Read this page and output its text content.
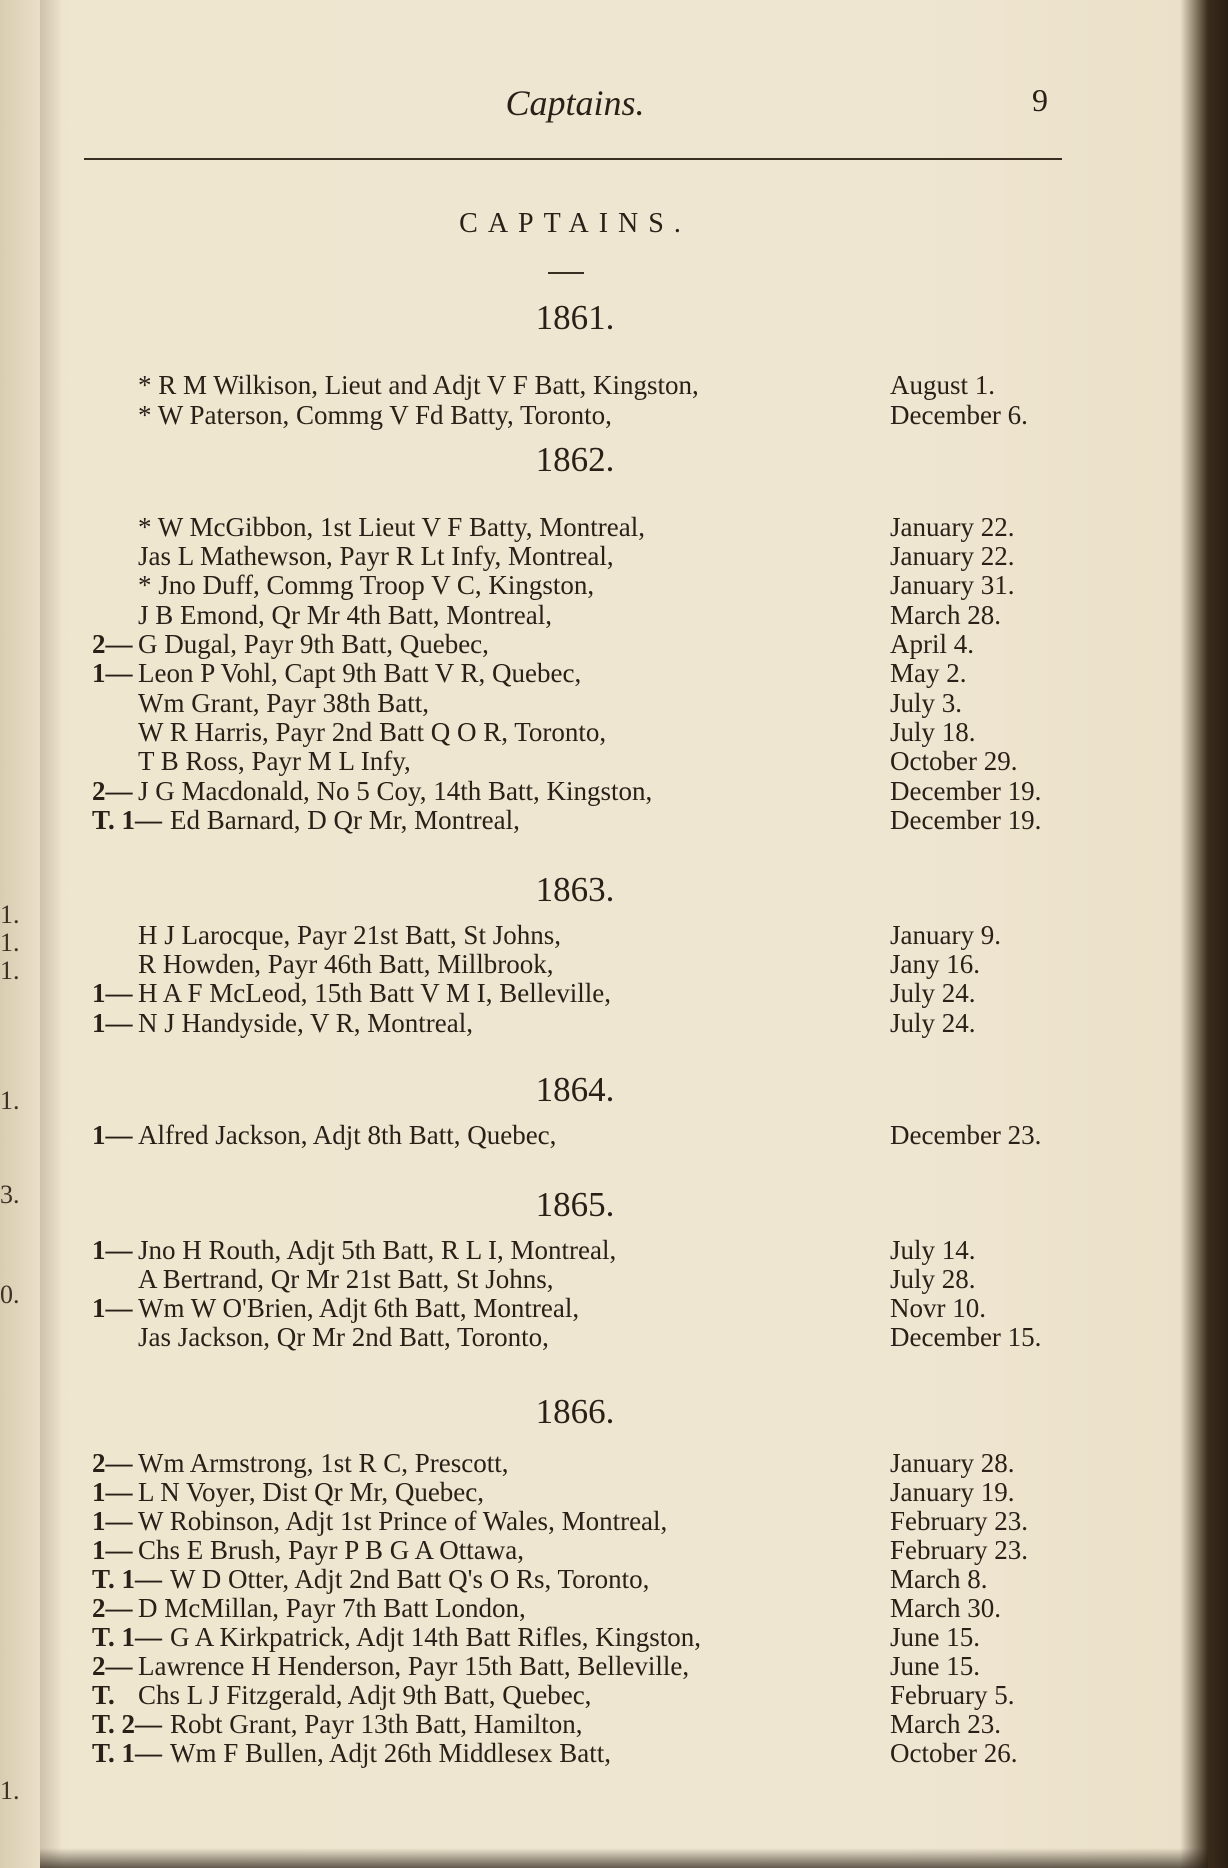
1.
1.
1.
1.
3.
0.
1.
Captains.	9
CAPTAINS.
1861.
* R M Wilkison, Lieut and Adjt V F Batt, Kingston,	August 1.
* W Paterson, Commg V Fd Batty, Toronto,	December 6.
1862.
* W McGibbon, 1st Lieut V F Batty, Montreal,	January 22.
Jas L Mathewson, Payr R Lt Infy, Montreal,	January 22.
* Jno Duff, Commg Troop V C, Kingston,	January 31.
J B Emond, Qr Mr 4th Batt, Montreal,	March 28.
2— G Dugal, Payr 9th Batt, Quebec,	April 4.
1— Leon P Vohl, Capt 9th Batt V R, Quebec,	May 2.
Wm Grant, Payr 38th Batt,	July 3.
W R Harris, Payr 2nd Batt Q O R, Toronto,	July 18.
T B Ross, Payr M L Infy,	October 29.
2— J G Macdonald, No 5 Coy, 14th Batt, Kingston,	December 19.
T. 1— Ed Barnard, D Qr Mr, Montreal,	December 19.
1863.
H J Larocque, Payr 21st Batt, St Johns,	January 9.
R Howden, Payr 46th Batt, Millbrook,	Jany 16.
1— H A F McLeod, 15th Batt V M I, Belleville,	July 24.
1— N J Handyside, V R, Montreal,	July 24.
1864.
1— Alfred Jackson, Adjt 8th Batt, Quebec,	December 23.
1865.
1— Jno H Routh, Adjt 5th Batt, R L I, Montreal,	July 14.
A Bertrand, Qr Mr 21st Batt, St Johns,	July 28.
1— Wm W O'Brien, Adjt 6th Batt, Montreal,	Novr 10.
Jas Jackson, Qr Mr 2nd Batt, Toronto,	December 15.
1866.
2— Wm Armstrong, 1st R C, Prescott,	January 28.
1— L N Voyer, Dist Qr Mr, Quebec,	January 19.
1— W Robinson, Adjt 1st Prince of Wales, Montreal,	February 23.
1— Chs E Brush, Payr P B G A Ottawa,	February 23.
T. 1— W D Otter, Adjt 2nd Batt Q's O Rs, Toronto,	March 8.
2— D McMillan, Payr 7th Batt London,	March 30.
T. 1— G A Kirkpatrick, Adjt 14th Batt Rifles, Kingston,	June 15.
2— Lawrence H Henderson, Payr 15th Batt, Belleville,	June 15.
T. Chs L J Fitzgerald, Adjt 9th Batt, Quebec,	February 5.
T. 2— Robt Grant, Payr 13th Batt, Hamilton,	March 23.
T. 1— Wm F Bullen, Adjt 26th Middlesex Batt,	October 26.
